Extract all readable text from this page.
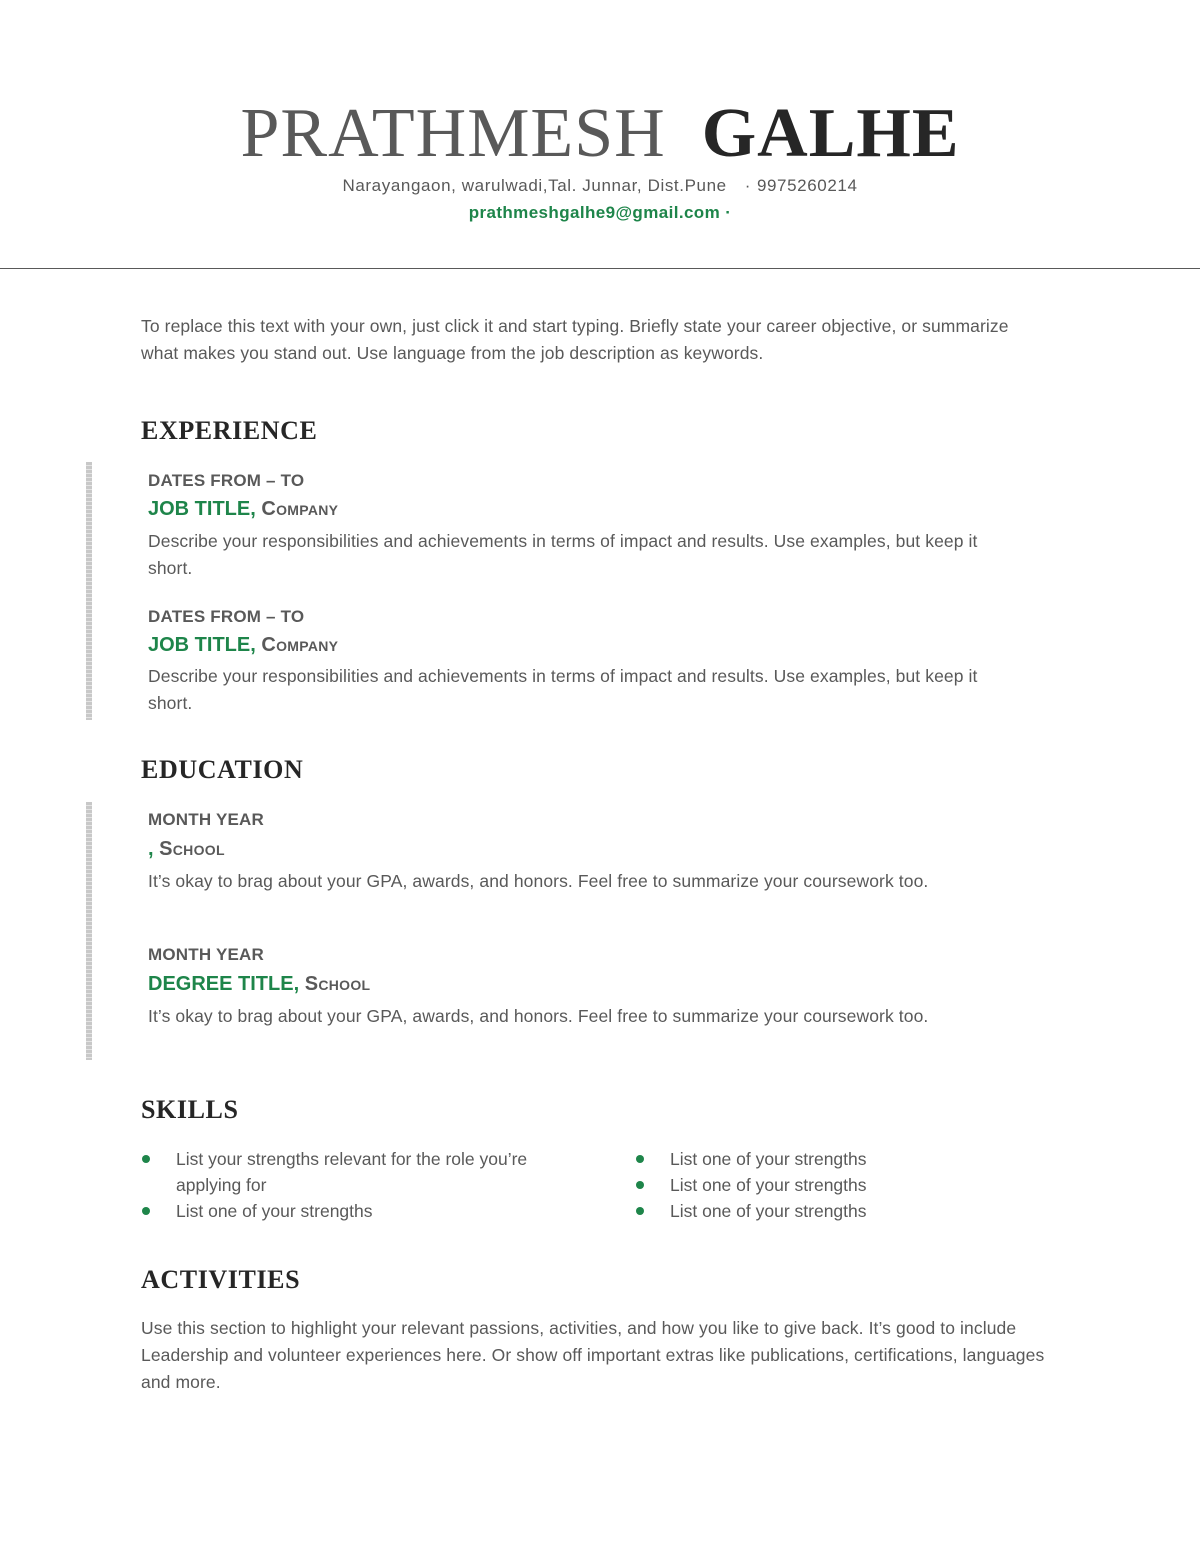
PRATHMESH GALHE
Narayangaon, warulwadi,Tal. Junnar, Dist.Pune · 9975260214
prathmeshgalhe9@gmail.com ·
To replace this text with your own, just click it and start typing. Briefly state your career objective, or summarize what makes you stand out. Use language from the job description as keywords.
EXPERIENCE
DATES FROM – TO
JOB TITLE, Company
Describe your responsibilities and achievements in terms of impact and results. Use examples, but keep it short.
DATES FROM – TO
JOB TITLE, Company
Describe your responsibilities and achievements in terms of impact and results. Use examples, but keep it short.
EDUCATION
MONTH YEAR
, School
It’s okay to brag about your GPA, awards, and honors. Feel free to summarize your coursework too.
MONTH YEAR
DEGREE TITLE, School
It’s okay to brag about your GPA, awards, and honors. Feel free to summarize your coursework too.
SKILLS
List your strengths relevant for the role you’re applying for
List one of your strengths
List one of your strengths
List one of your strengths
List one of your strengths
ACTIVITIES
Use this section to highlight your relevant passions, activities, and how you like to give back. It’s good to include Leadership and volunteer experiences here. Or show off important extras like publications, certifications, languages and more.
